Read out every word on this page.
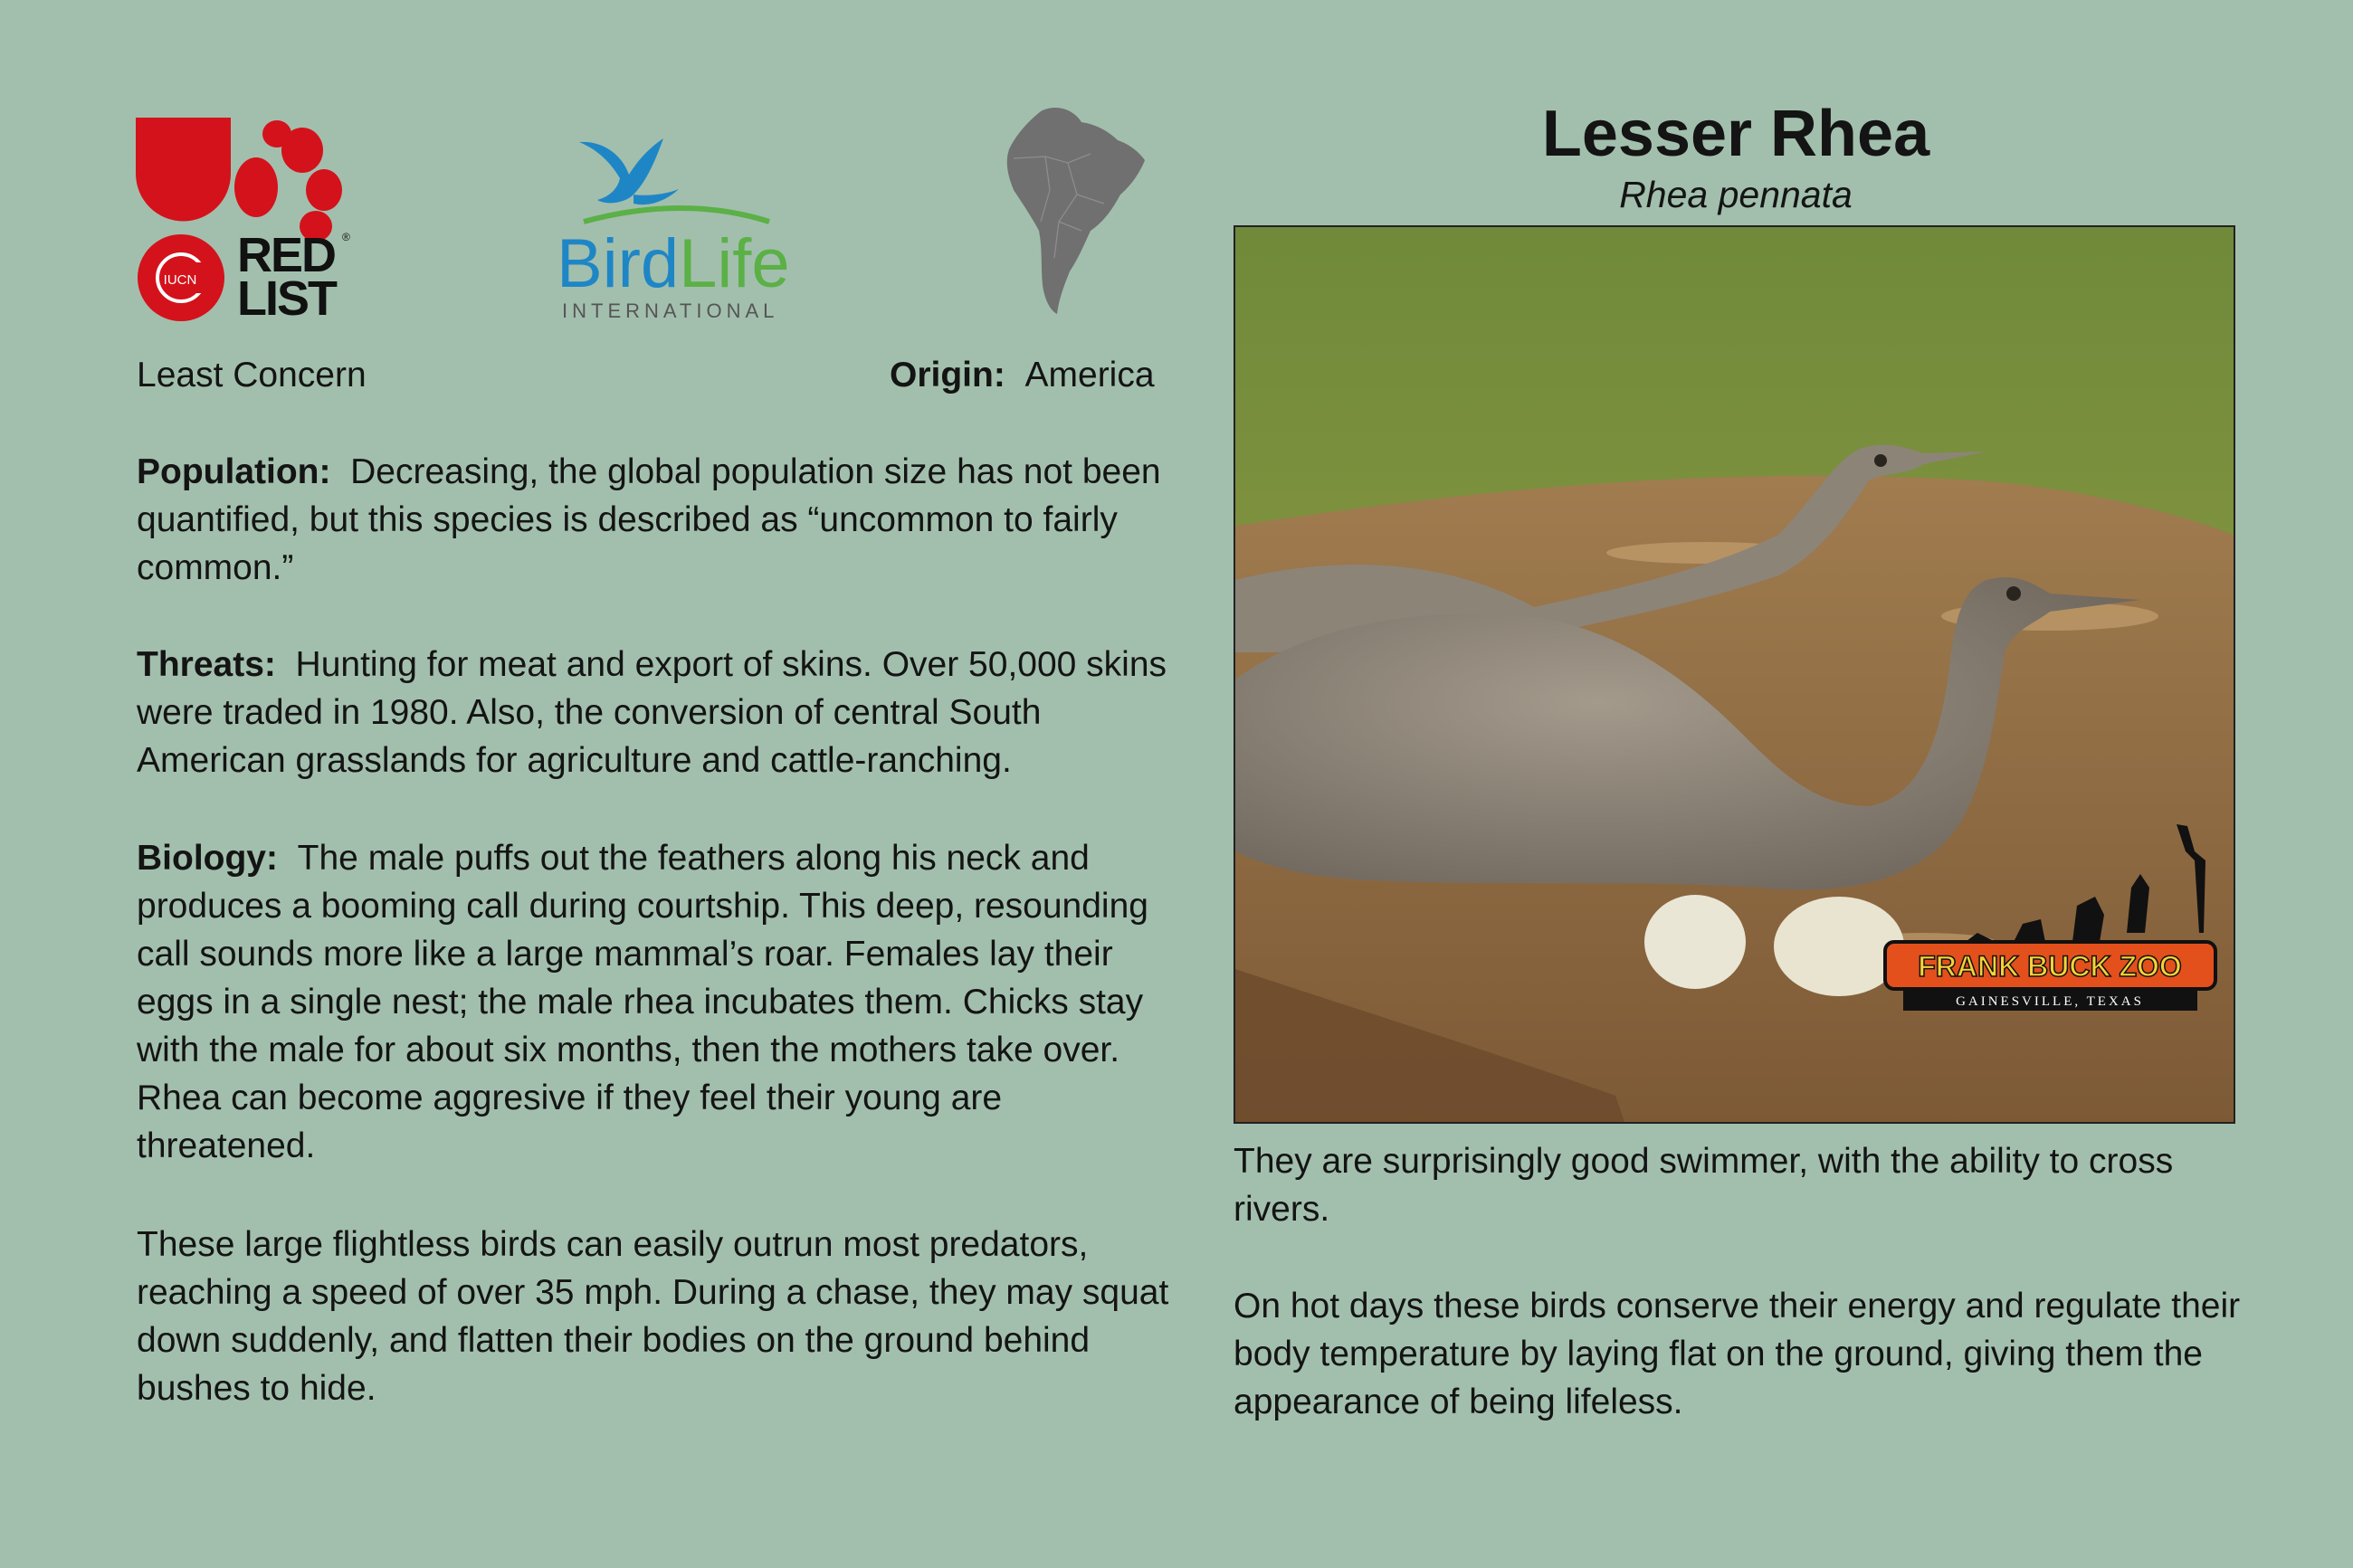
IUCN RED
LIST
®	BirdLife
INTERNATIONAL
Least Concern	Origin: America

Population: Decreasing, the global population size has not been quantified, but this species is described as “uncommon to fairly common.”

Threats: Hunting for meat and export of skins. Over 50,000 skins were traded in 1980. Also, the conversion of central South American grasslands for agriculture and cattle-ranching.

Biology: The male puffs out the feathers along his neck and produces a booming call during courtship. This deep, resounding call sounds more like a large mammal’s roar. Females lay their eggs in a single nest; the male rhea incubates them. Chicks stay with the male for about six months, then the mothers take over. Rhea can become aggresive if they feel their young are threatened.

These large flightless birds can easily outrun most predators, reaching a speed of over 35 mph. During a chase, they may squat down suddenly, and flatten their bodies on the ground behind bushes to hide.

Lesser Rhea
Rhea pennata
FRANK BUCK ZOO
GAINESVILLE, TEXAS

They are surprisingly good swimmer, with the ability to cross rivers.

On hot days these birds conserve their energy and regulate their body temperature by laying flat on the ground, giving them the appearance of being lifeless.
